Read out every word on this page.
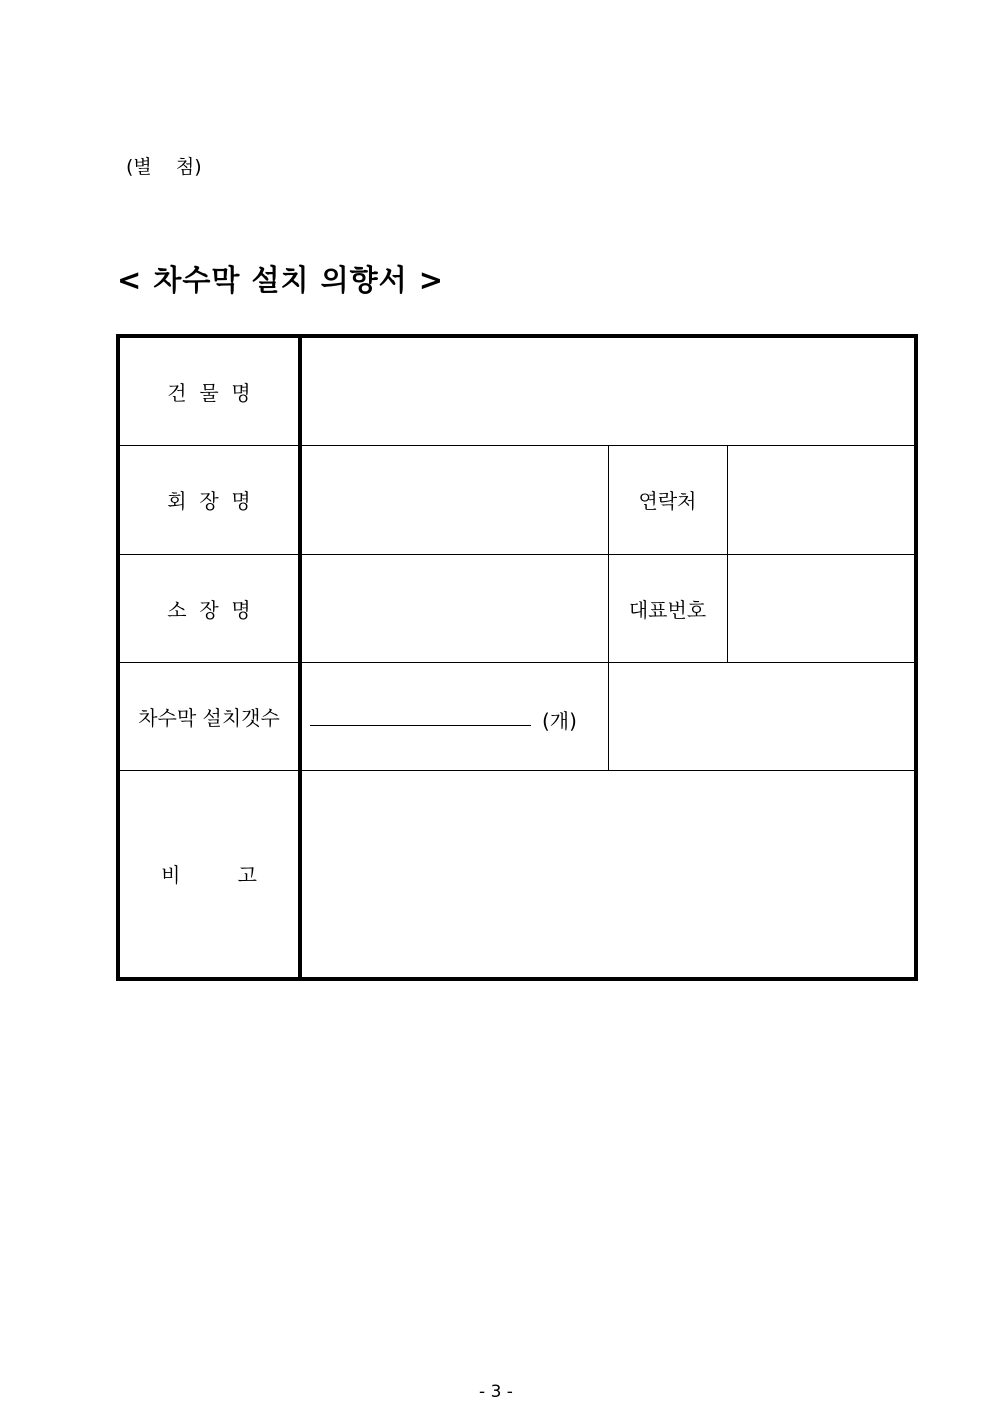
(별    첨)
< 차수막 설치 의향서 >
건  물  명			
회  장  명		연락처	
소  장  명		대표번호	
차수막 설치갯수	(개)		

비         고			
- 3 -
